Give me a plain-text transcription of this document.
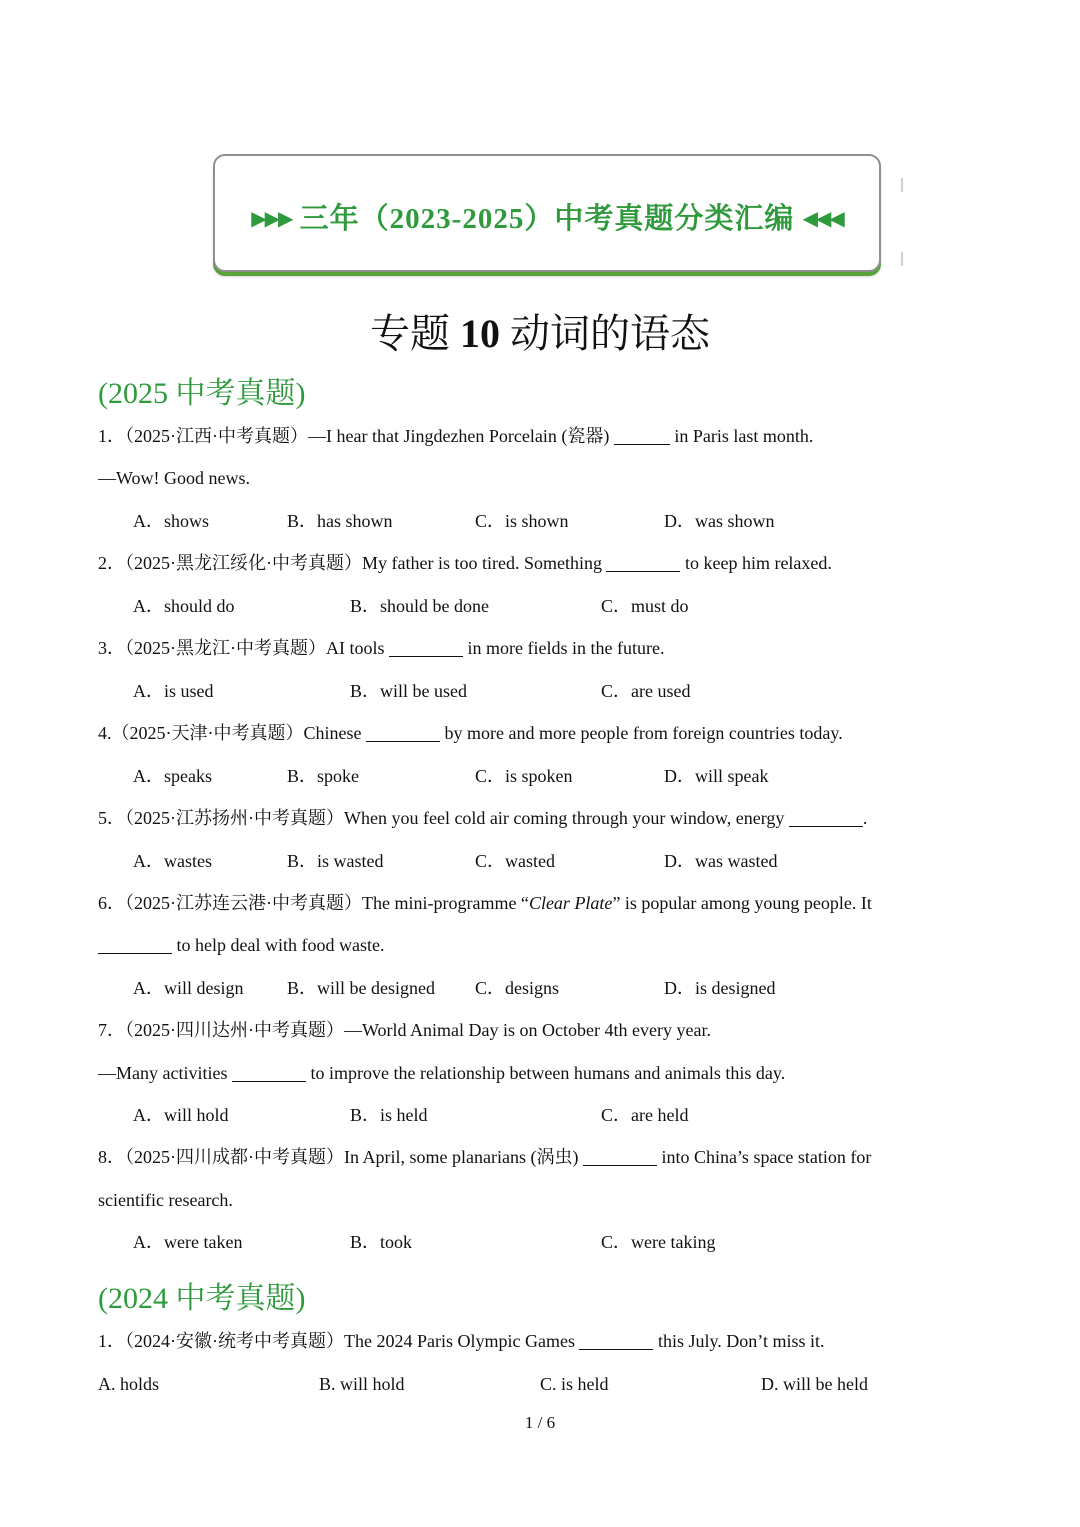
▶▶▶ 三年（2023-2025）中考真题分类汇编 ◀◀◀
专题 10 动词的语态
(2025 中考真题)
1．（2025·江西·中考真题）—I hear that Jingdezhen Porcelain (瓷器)	in Paris last month.
—Wow! Good news.
A．shows	B．has shown	C．is shown	D．was shown
2．（2025·黑龙江绥化·中考真题）My father is too tired. Something	to keep him relaxed.
A．should do	B．should be done	C．must do
3．（2025·黑龙江·中考真题）AI tools	in more fields in the future.
A．is used	B．will be used	C．are used
4.（2025·天津·中考真题）Chinese	by more and more people from foreign countries today.
A．speaks	B．spoke	C．is spoken	D．will speak
5．（2025·江苏扬州·中考真题）When you feel cold air coming through your window, energy	.
A．wastes	B．is wasted	C．wasted	D．was wasted
6．（2025·江苏连云港·中考真题）The mini-programme “Clear Plate” is popular among young people. It
to help deal with food waste.
A．will design B．will be designed C．designs	D．is designed
7．（2025·四川达州·中考真题）—World Animal Day is on October 4th every year.
—Many activities	to improve the relationship between humans and animals this day.
A．will hold	B．is held	C．are held
8．（2025·四川成都·中考真题）In April, some planarians (涡虫)	into China’s space station for
scientific research.
A．were taken	B．took	C．were taking
(2024 中考真题)
1．（2024·安徽·统考中考真题）The 2024 Paris Olympic Games	this July. Don’t miss it.
A. holds	B. will hold	C. is held	D. will be held
1 / 6
